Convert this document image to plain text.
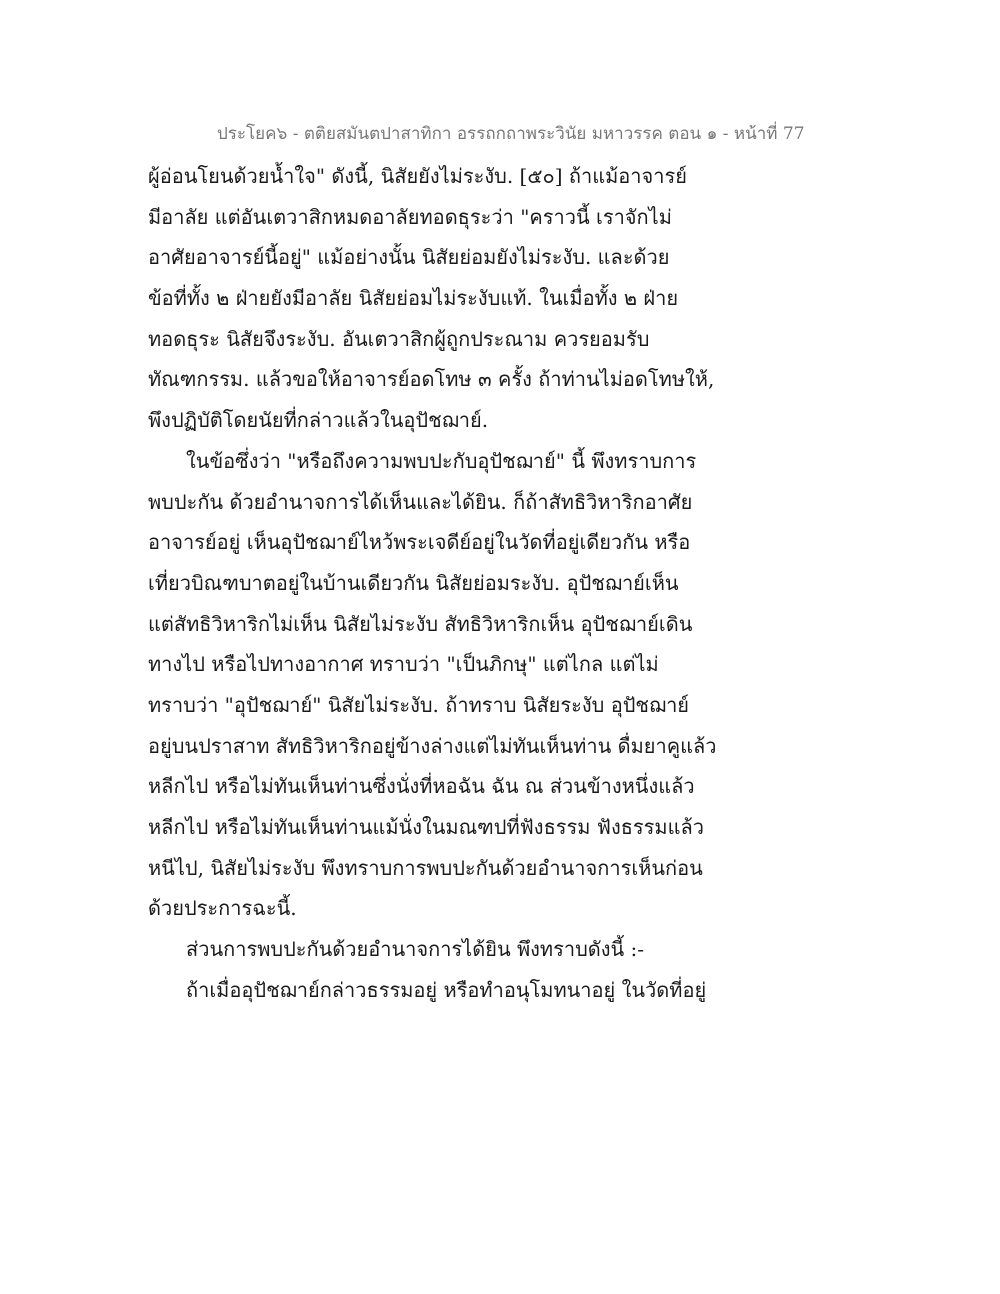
ประโยค๖ - ตติยสมันตปาสาทิกา อรรถกถาพระวินัย มหาวรรค ตอน ๑ - หน้าที่ 77
ผู้อ่อนโยนด้วยน้ำใจ" ดังนี้, นิสัยยังไม่ระงับ. [๕๐] ถ้าแม้อาจารย์
มีอาลัย แต่อันเตวาสิกหมดอาลัยทอดธุระว่า "คราวนี้ เราจักไม่
อาศัยอาจารย์นี้อยู่" แม้อย่างนั้น นิสัยย่อมยังไม่ระงับ. และด้วย
ข้อที่ทั้ง ๒ ฝ่ายยังมีอาลัย นิสัยย่อมไม่ระงับแท้. ในเมื่อทั้ง ๒ ฝ่าย
ทอดธุระ นิสัยจึงระงับ. อันเตวาสิกผู้ถูกประณาม ควรยอมรับ
ทัณฑกรรม. แล้วขอให้อาจารย์อดโทษ ๓ ครั้ง ถ้าท่านไม่อดโทษให้,
พึงปฏิบัติโดยนัยที่กล่าวแล้วในอุปัชฌาย์.
ในข้อซึ่งว่า "หรือถึงความพบปะกับอุปัชฌาย์" นี้ พึงทราบการ
พบปะกัน ด้วยอำนาจการได้เห็นและได้ยิน. ก็ถ้าสัทธิวิหาริกอาศัย
อาจารย์อยู่ เห็นอุปัชฌาย์ไหว้พระเจดีย์อยู่ในวัดที่อยู่เดียวกัน หรือ
เที่ยวบิณฑบาตอยู่ในบ้านเดียวกัน นิสัยย่อมระงับ. อุปัชฌาย์เห็น
แต่สัทธิวิหาริกไม่เห็น นิสัยไม่ระงับ สัทธิวิหาริกเห็น อุปัชฌาย์เดิน
ทางไป หรือไปทางอากาศ ทราบว่า "เป็นภิกษุ" แต่ไกล แต่ไม่
ทราบว่า "อุปัชฌาย์" นิสัยไม่ระงับ. ถ้าทราบ นิสัยระงับ อุปัชฌาย์
อยู่บนปราสาท สัทธิวิหาริกอยู่ข้างล่างแต่ไม่ทันเห็นท่าน ดื่มยาคูแล้ว
หลีกไป หรือไม่ทันเห็นท่านซึ่งนั่งที่หอฉัน ฉัน ณ ส่วนข้างหนึ่งแล้ว
หลีกไป หรือไม่ทันเห็นท่านแม้นั่งในมณฑปที่ฟังธรรม ฟังธรรมแล้ว
หนีไป, นิสัยไม่ระงับ พึงทราบการพบปะกันด้วยอำนาจการเห็นก่อน
ด้วยประการฉะนี้.
ส่วนการพบปะกันด้วยอำนาจการได้ยิน พึงทราบดังนี้ :-
ถ้าเมื่ออุปัชฌาย์กล่าวธรรมอยู่ หรือทำอนุโมทนาอยู่ ในวัดที่อยู่
